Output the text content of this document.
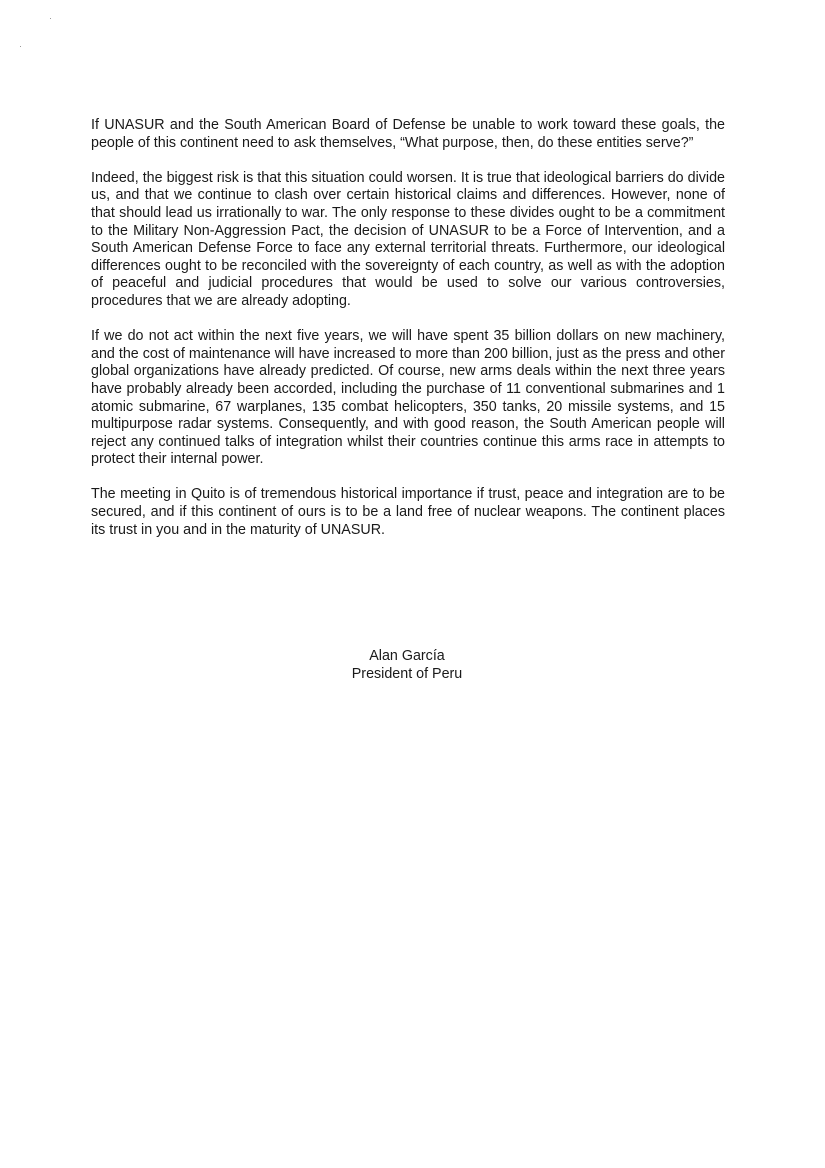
If UNASUR and the South American Board of Defense be unable to work toward these goals, the people of this continent need to ask themselves, “What purpose, then, do these entities serve?”

Indeed, the biggest risk is that this situation could worsen. It is true that ideological barriers do divide us, and that we continue to clash over certain historical claims and differences. However, none of that should lead us irrationally to war. The only response to these divides ought to be a commitment to the Military Non-Aggression Pact, the decision of UNASUR to be a Force of Intervention, and a South American Defense Force to face any external territorial threats. Furthermore, our ideological differences ought to be reconciled with the sovereignty of each country, as well as with the adoption of peaceful and judicial procedures that would be used to solve our various controversies, procedures that we are already adopting.

If we do not act within the next five years, we will have spent 35 billion dollars on new machinery, and the cost of maintenance will have increased to more than 200 billion, just as the press and other global organizations have already predicted. Of course, new arms deals within the next three years have probably already been accorded, including the purchase of 11 conventional submarines and 1 atomic submarine, 67 warplanes, 135 combat helicopters, 350 tanks, 20 missile systems, and 15 multipurpose radar systems. Consequently, and with good reason, the South American people will reject any continued talks of integration whilst their countries continue this arms race in attempts to protect their internal power.

The meeting in Quito is of tremendous historical importance if trust, peace and integration are to be secured, and if this continent of ours is to be a land free of nuclear weapons. The continent places its trust in you and in the maturity of UNASUR.

Alan García
President of Peru
